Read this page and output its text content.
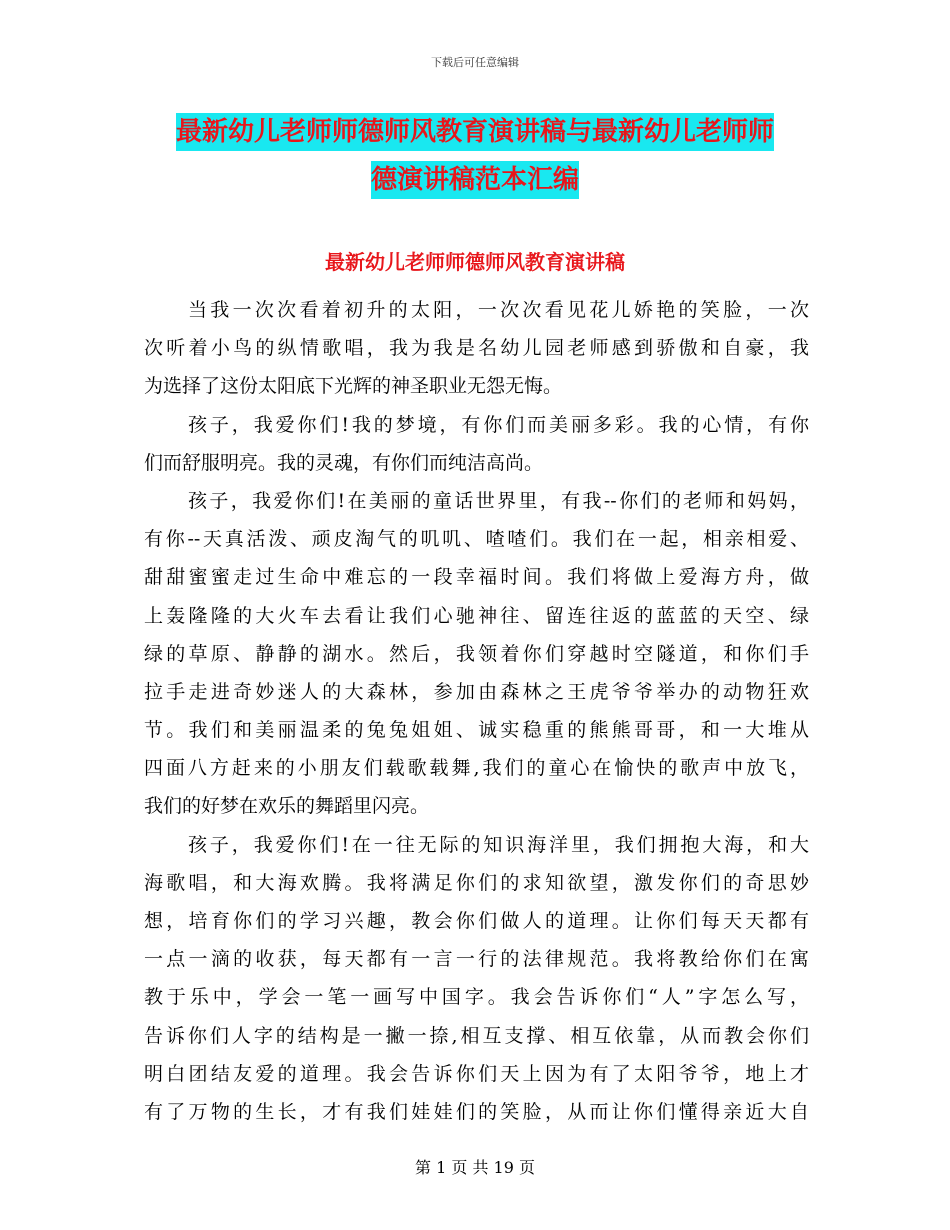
下载后可任意编辑
最新幼儿老师师德师风教育演讲稿与最新幼儿老师师
德演讲稿范本汇编
最新幼儿老师师德师风教育演讲稿
当我一次次看着初升的太阳，一次次看见花儿娇艳的笑脸，一次
次听着小鸟的纵情歌唱，我为我是名幼儿园老师感到骄傲和自豪，我
为选择了这份太阳底下光辉的神圣职业无怨无悔。
孩子，我爱你们!我的梦境，有你们而美丽多彩。我的心情，有你
们而舒服明亮。我的灵魂，有你们而纯洁高尚。
孩子，我爱你们!在美丽的童话世界里，有我--你们的老师和妈妈，
有你--天真活泼、顽皮淘气的叽叽、喳喳们。我们在一起，相亲相爱、
甜甜蜜蜜走过生命中难忘的一段幸福时间。我们将做上爱海方舟，做
上轰隆隆的大火车去看让我们心驰神往、留连往返的蓝蓝的天空、绿
绿的草原、静静的湖水。然后，我领着你们穿越时空隧道，和你们手
拉手走进奇妙迷人的大森林，参加由森林之王虎爷爷举办的动物狂欢
节。我们和美丽温柔的兔兔姐姐、诚实稳重的熊熊哥哥，和一大堆从
四面八方赶来的小朋友们载歌载舞,我们的童心在愉快的歌声中放飞，
我们的好梦在欢乐的舞蹈里闪亮。
孩子，我爱你们!在一往无际的知识海洋里，我们拥抱大海，和大
海歌唱，和大海欢腾。我将满足你们的求知欲望，激发你们的奇思妙
想，培育你们的学习兴趣，教会你们做人的道理。让你们每天天都有
一点一滴的收获，每天都有一言一行的法律规范。我将教给你们在寓
教于乐中，学会一笔一画写中国字。我会告诉你们“人”字怎么写，
告诉你们人字的结构是一撇一捺,相互支撑、相互依靠，从而教会你们
明白团结友爱的道理。我会告诉你们天上因为有了太阳爷爷，地上才
有了万物的生长，才有我们娃娃们的笑脸，从而让你们懂得亲近大自
第 1 页 共 19 页
